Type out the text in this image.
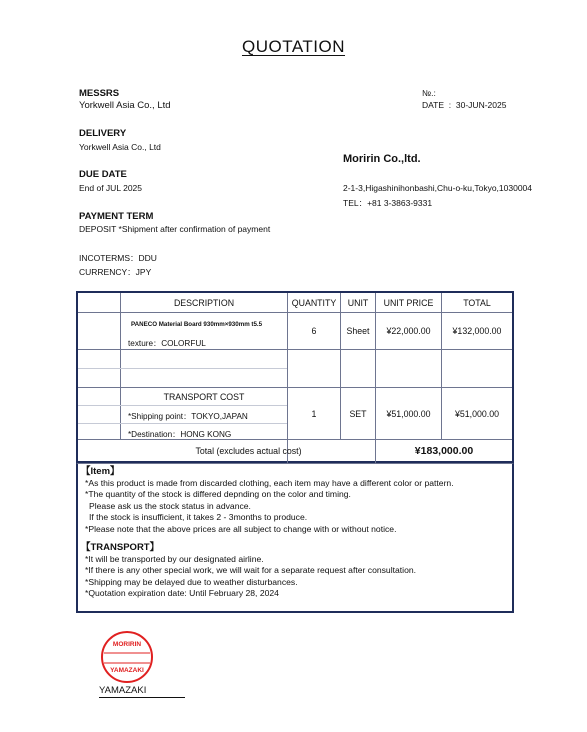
QUOTATION
MESSRS
Yorkwell Asia Co., Ltd
DELIVERY
Yorkwell Asia Co., Ltd
DUE DATE
End of JUL 2025
PAYMENT TERM
DEPOSIT *Shipment after confirmation of payment
INCOTERMS：DDU
CURRENCY：JPY
№.:
DATE  :  30-JUN-2025
Moririn Co.,ltd.
2-1-3,Higashinihonbashi,Chu-o-ku,Tokyo,1030004
TEL：+81 3-3863-9331
DESCRIPTION	QUANTITY	UNIT	UNIT PRICE	TOTAL
PANECO Material Board 930mm×930mm t5.5
texture：COLORFUL
6	Sheet	¥22,000.00	¥132,000.00
TRANSPORT COST
*Shipping point：TOKYO,JAPAN
*Destination：HONG KONG
1	SET	¥51,000.00	¥51,000.00
Total (excludes actual cost)	¥183,000.00
【Item】
*As this product is made from discarded clothing, each item may have a different color or pattern.
*The quantity of the stock is differed depnding on the color and timing.
Please ask us the stock status in advance.
If the stock is insufficient, it takes 2 - 3months to produce.
*Please note that the above prices are all subject to change with or without notice.
【TRANSPORT】
*It will be transported by our designated airline.
*If there is any other special work, we will wait for a separate request after consultation.
*Shipping may be delayed due to weather disturbances.
*Quotation expiration date: Until February 28, 2024
MORIRIN
YAMAZAKI
YAMAZAKI
